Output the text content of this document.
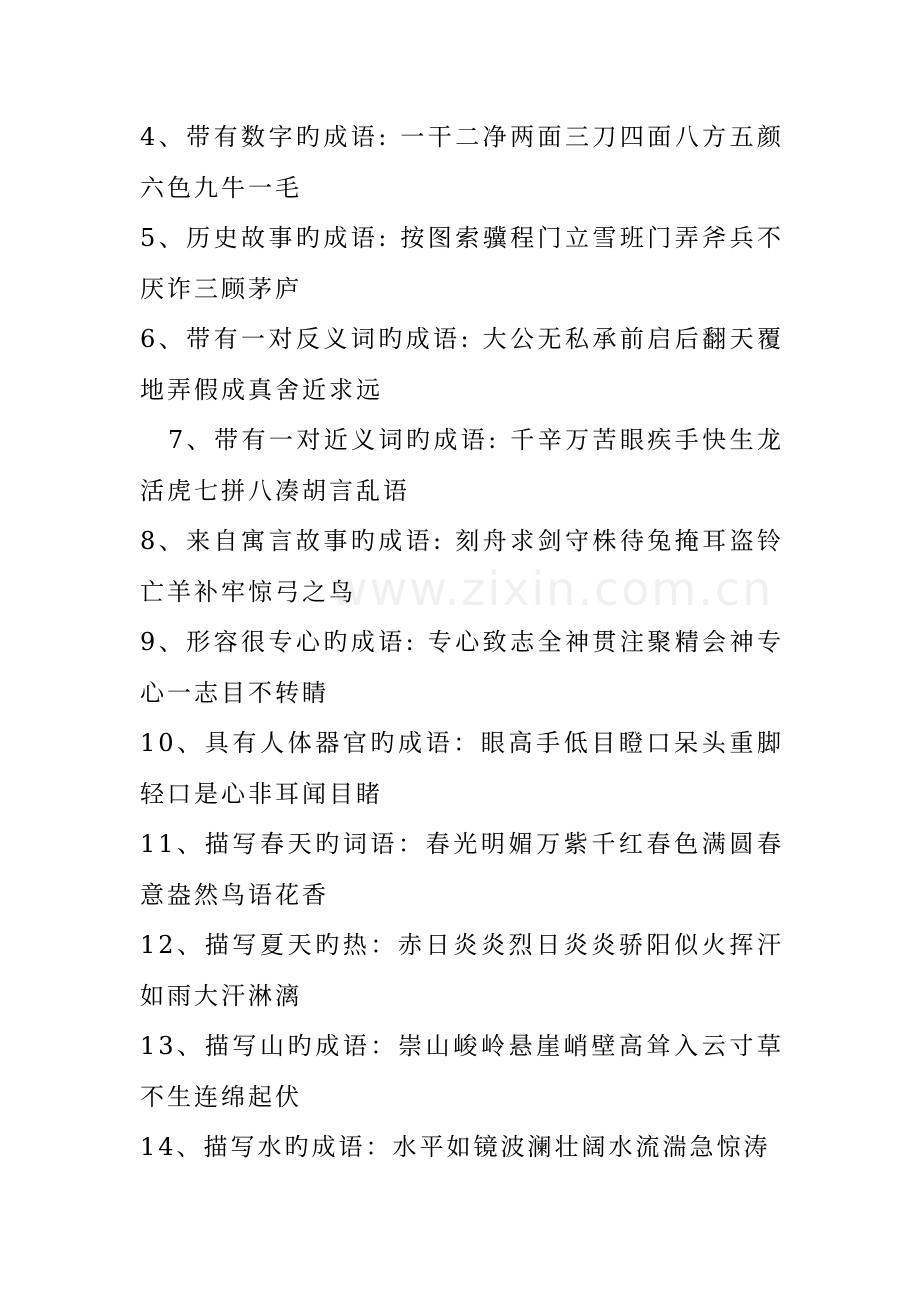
4、带有数字旳成语: 一干二净两面三刀四面八方五颜六色九牛一毛

5、历史故事旳成语: 按图索骥程门立雪班门弄斧兵不厌诈三顾茅庐

6、带有一对反义词旳成语: 大公无私承前启后翻天覆地弄假成真舍近求远

7、带有一对近义词旳成语: 千辛万苦眼疾手快生龙活虎七拼八凑胡言乱语

8、来自寓言故事旳成语: 刻舟求剑守株待兔掩耳盗铃亡羊补牢惊弓之鸟

9、形容很专心旳成语: 专心致志全神贯注聚精会神专心一志目不转睛

10、具有人体器官旳成语：眼高手低目瞪口呆头重脚轻口是心非耳闻目睹

11、描写春天旳词语：春光明媚万紫千红春色满圆春意盎然鸟语花香

12、描写夏天旳热：赤日炎炎烈日炎炎骄阳似火挥汗如雨大汗淋漓

13、描写山旳成语：崇山峻岭悬崖峭壁高耸入云寸草不生连绵起伏

14、描写水旳成语：水平如镜波澜壮阔水流湍急惊涛

www.zixin.com.cn
